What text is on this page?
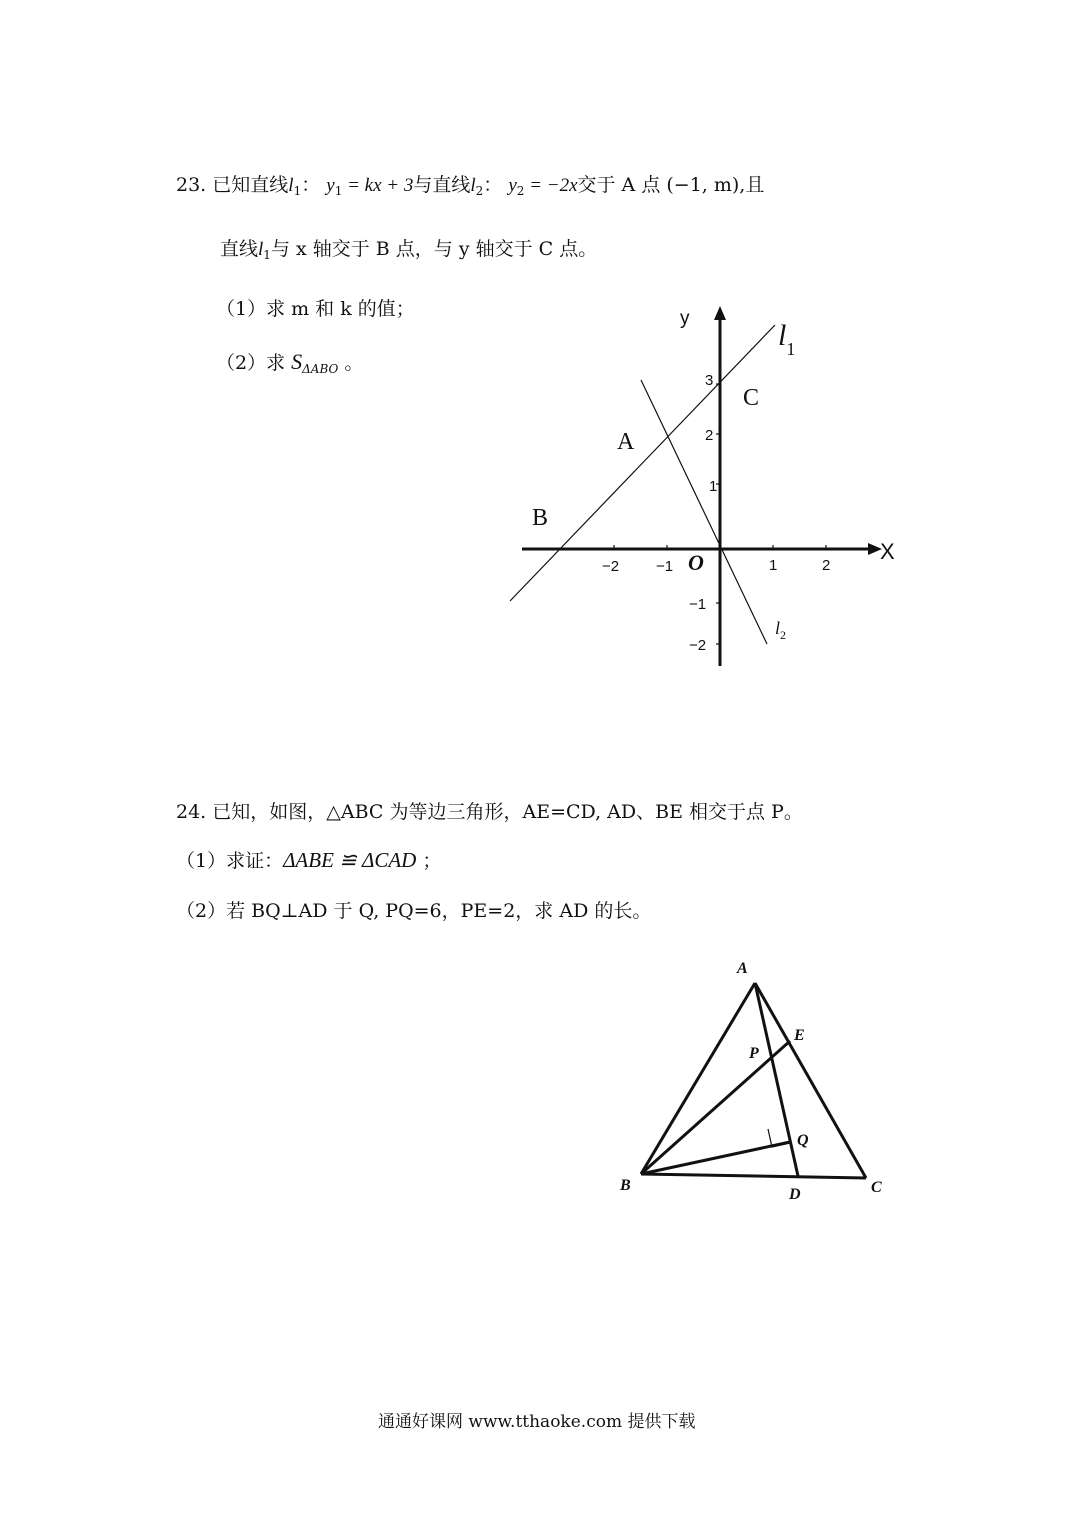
23. 已知直线$l_1$： $y_1$ = kx + 3与直线$l_2$： $y_2 = -2x$交于 A 点 (−1, m),且
直线$l_1$与 x 轴交于 B 点，与 y 轴交于 C 点。
（1）求 m 和 k 的值；
（2）求 $S_{\Delta ABO}$ 。
y
X
O
A
B
C
$l_1$
$l_2$
−2 −1	1	2
3
2
1
−1
−2
24. 已知，如图，△ABC 为等边三角形，AE=CD, AD、BE 相交于点 P。
（1）求证：ΔABE ≌ ΔCAD ；
（2）若 BQ⊥AD 于 Q, PQ=6，PE=2，求 AD 的长。
A
B	C
D
E
P
Q
通通好课网 www.tthaoke.com 提供下载
